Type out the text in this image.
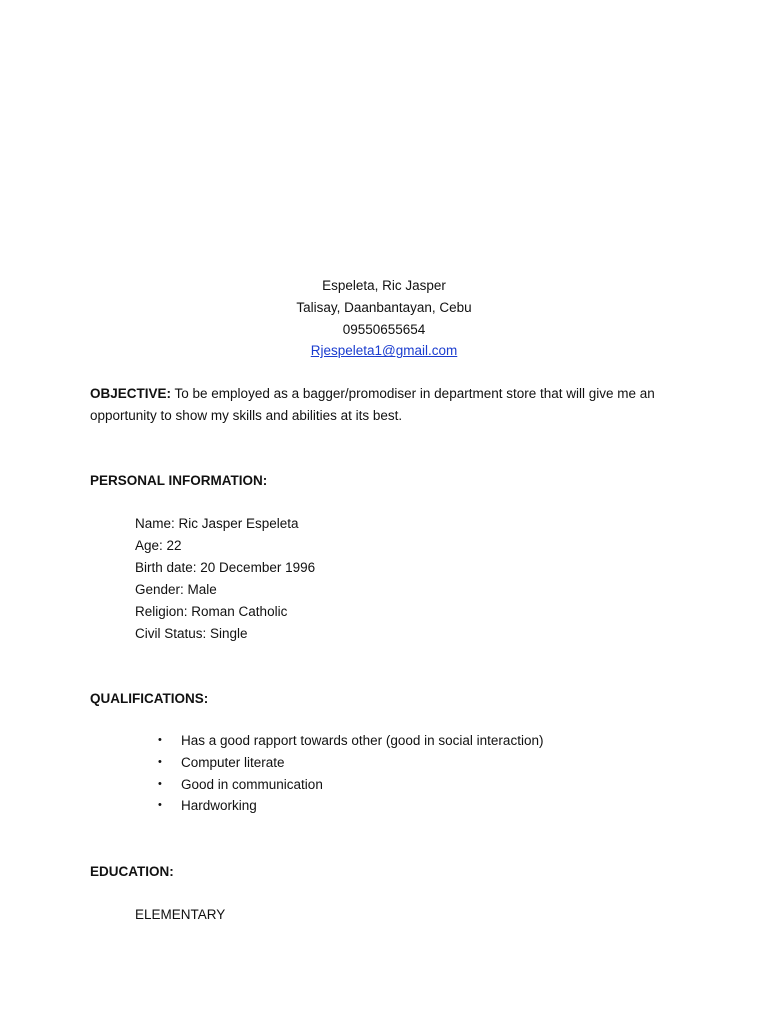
Espeleta, Ric Jasper
Talisay, Daanbantayan, Cebu
09550655654
Rjespeleta1@gmail.com
OBJECTIVE: To be employed as a bagger/promodiser in department store that will give me an opportunity to show my skills and abilities at its best.
PERSONAL INFORMATION:
Name: Ric Jasper Espeleta
Age: 22
Birth date: 20 December 1996
Gender: Male
Religion: Roman Catholic
Civil Status: Single
QUALIFICATIONS:
• Has a good rapport towards other (good in social interaction)
• Computer literate
• Good in communication
• Hardworking
EDUCATION:
ELEMENTARY
